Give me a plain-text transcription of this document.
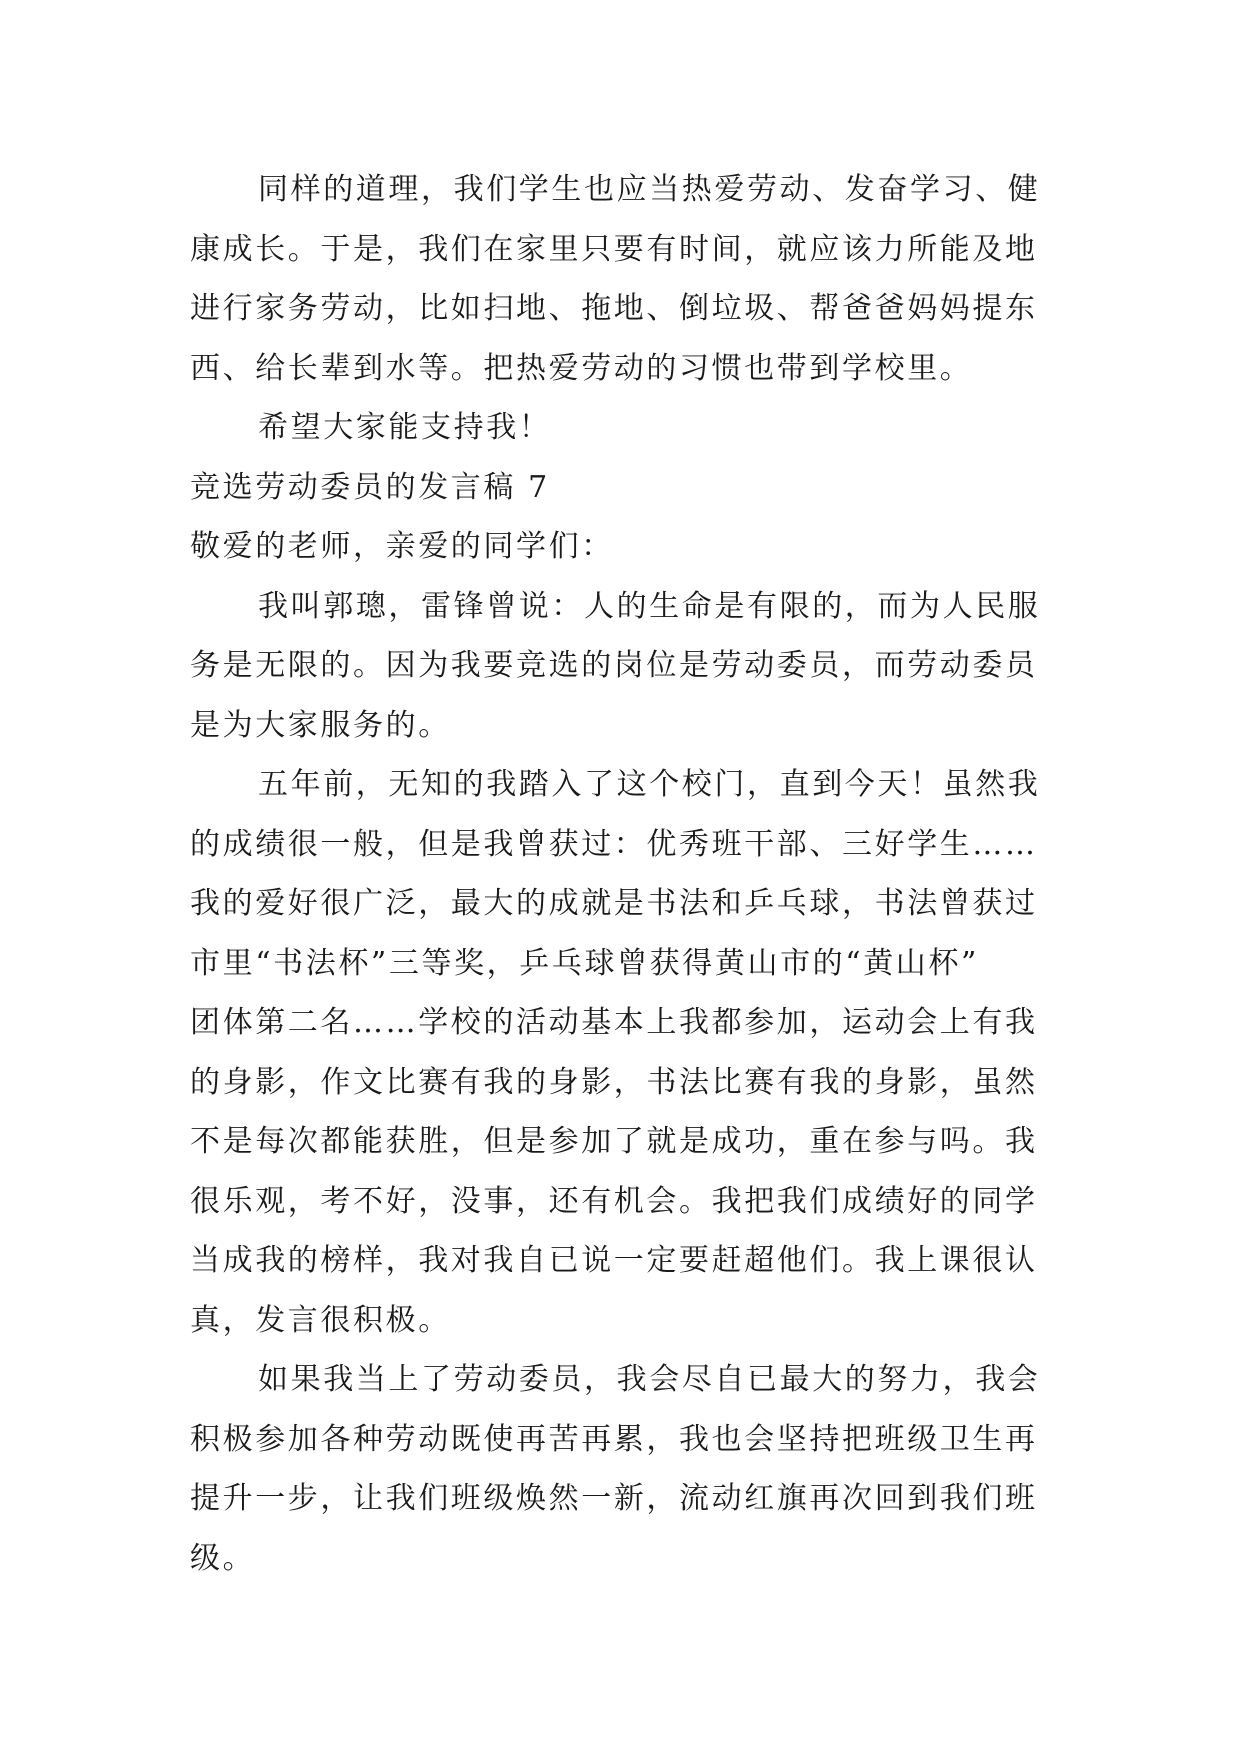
同样的道理，我们学生也应当热爱劳动、发奋学习、健
康成长。于是，我们在家里只要有时间，就应该力所能及地
进行家务劳动，比如扫地、拖地、倒垃圾、帮爸爸妈妈提东
西、给长辈到水等。把热爱劳动的习惯也带到学校里。
希望大家能支持我！
竞选劳动委员的发言稿 7
敬爱的老师，亲爱的同学们：
我叫郭璁，雷锋曾说：人的生命是有限的，而为人民服
务是无限的。因为我要竞选的岗位是劳动委员，而劳动委员
是为大家服务的。
五年前，无知的我踏入了这个校门，直到今天！虽然我
的成绩很一般，但是我曾获过：优秀班干部、三好学生……
我的爱好很广泛，最大的成就是书法和乒乓球，书法曾获过
市里“书法杯”三等奖，乒乓球曾获得黄山市的“黄山杯”
团体第二名……学校的活动基本上我都参加，运动会上有我
的身影，作文比赛有我的身影，书法比赛有我的身影，虽然
不是每次都能获胜，但是参加了就是成功，重在参与吗。我
很乐观，考不好，没事，还有机会。我把我们成绩好的同学
当成我的榜样，我对我自已说一定要赶超他们。我上课很认
真，发言很积极。
如果我当上了劳动委员，我会尽自已最大的努力，我会
积极参加各种劳动既使再苦再累，我也会坚持把班级卫生再
提升一步，让我们班级焕然一新，流动红旗再次回到我们班
级。
